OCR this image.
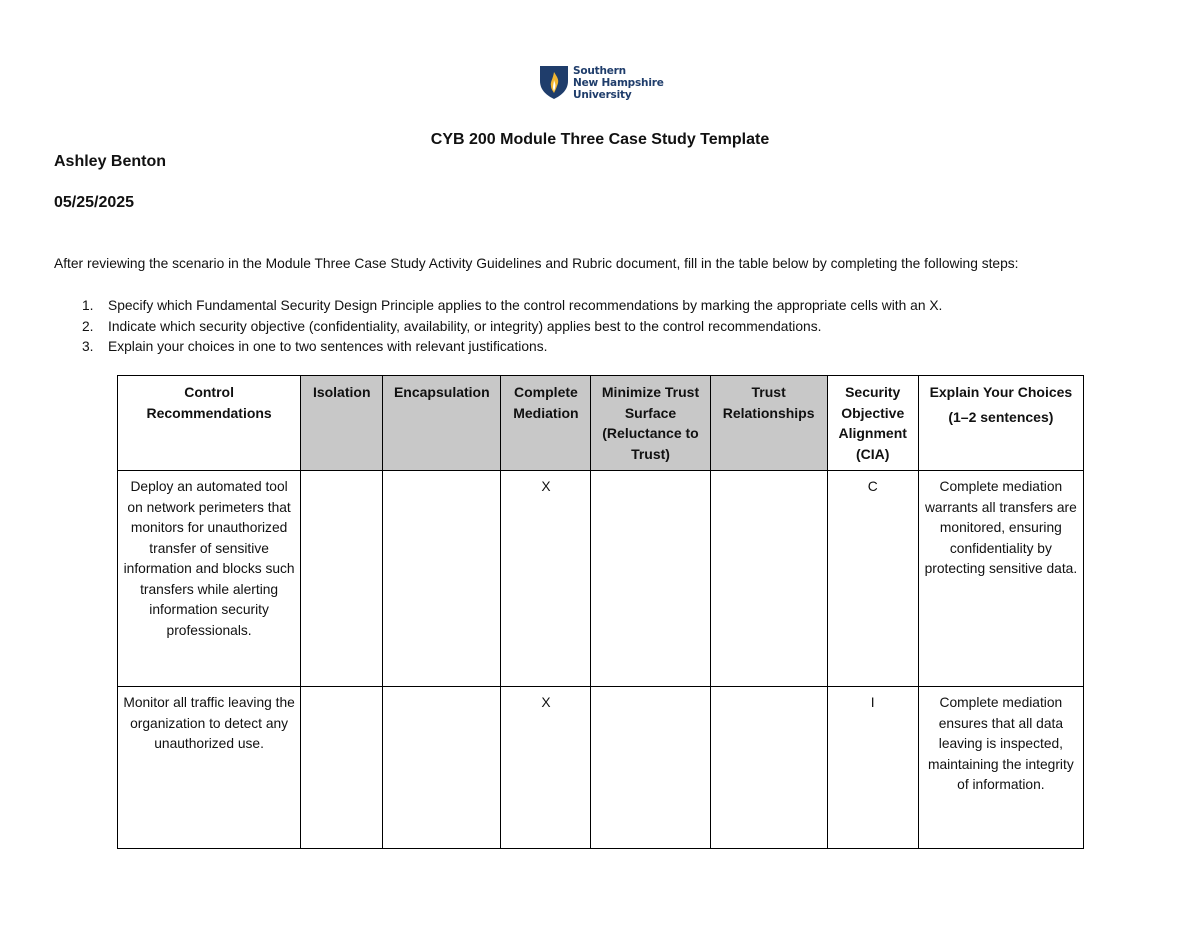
Southern
New Hampshire
University
CYB 200 Module Three Case Study Template
Ashley Benton
05/25/2025
After reviewing the scenario in the Module Three Case Study Activity Guidelines and Rubric document, fill in the table below by completing the following steps:
1. Specify which Fundamental Security Design Principle applies to the control recommendations by marking the appropriate cells with an X.
2. Indicate which security objective (confidentiality, availability, or integrity) applies best to the control recommendations.
3. Explain your choices in one to two sentences with relevant justifications.
Control Recommendations	Isolation	Encapsulation	Complete Mediation	Minimize Trust Surface (Reluctance to Trust)	Trust Relationships	Security Objective Alignment (CIA)	Explain Your Choices
(1–2 sentences)

Deploy an automated tool on network perimeters that monitors for unauthorized transfer of sensitive information and blocks such transfers while alerting information security professionals.			X			C	Complete mediation warrants all transfers are monitored, ensuring confidentiality by protecting sensitive data.
Monitor all traffic leaving the organization to detect any unauthorized use.			X			I	Complete mediation ensures that all data leaving is inspected, maintaining the integrity of information.
